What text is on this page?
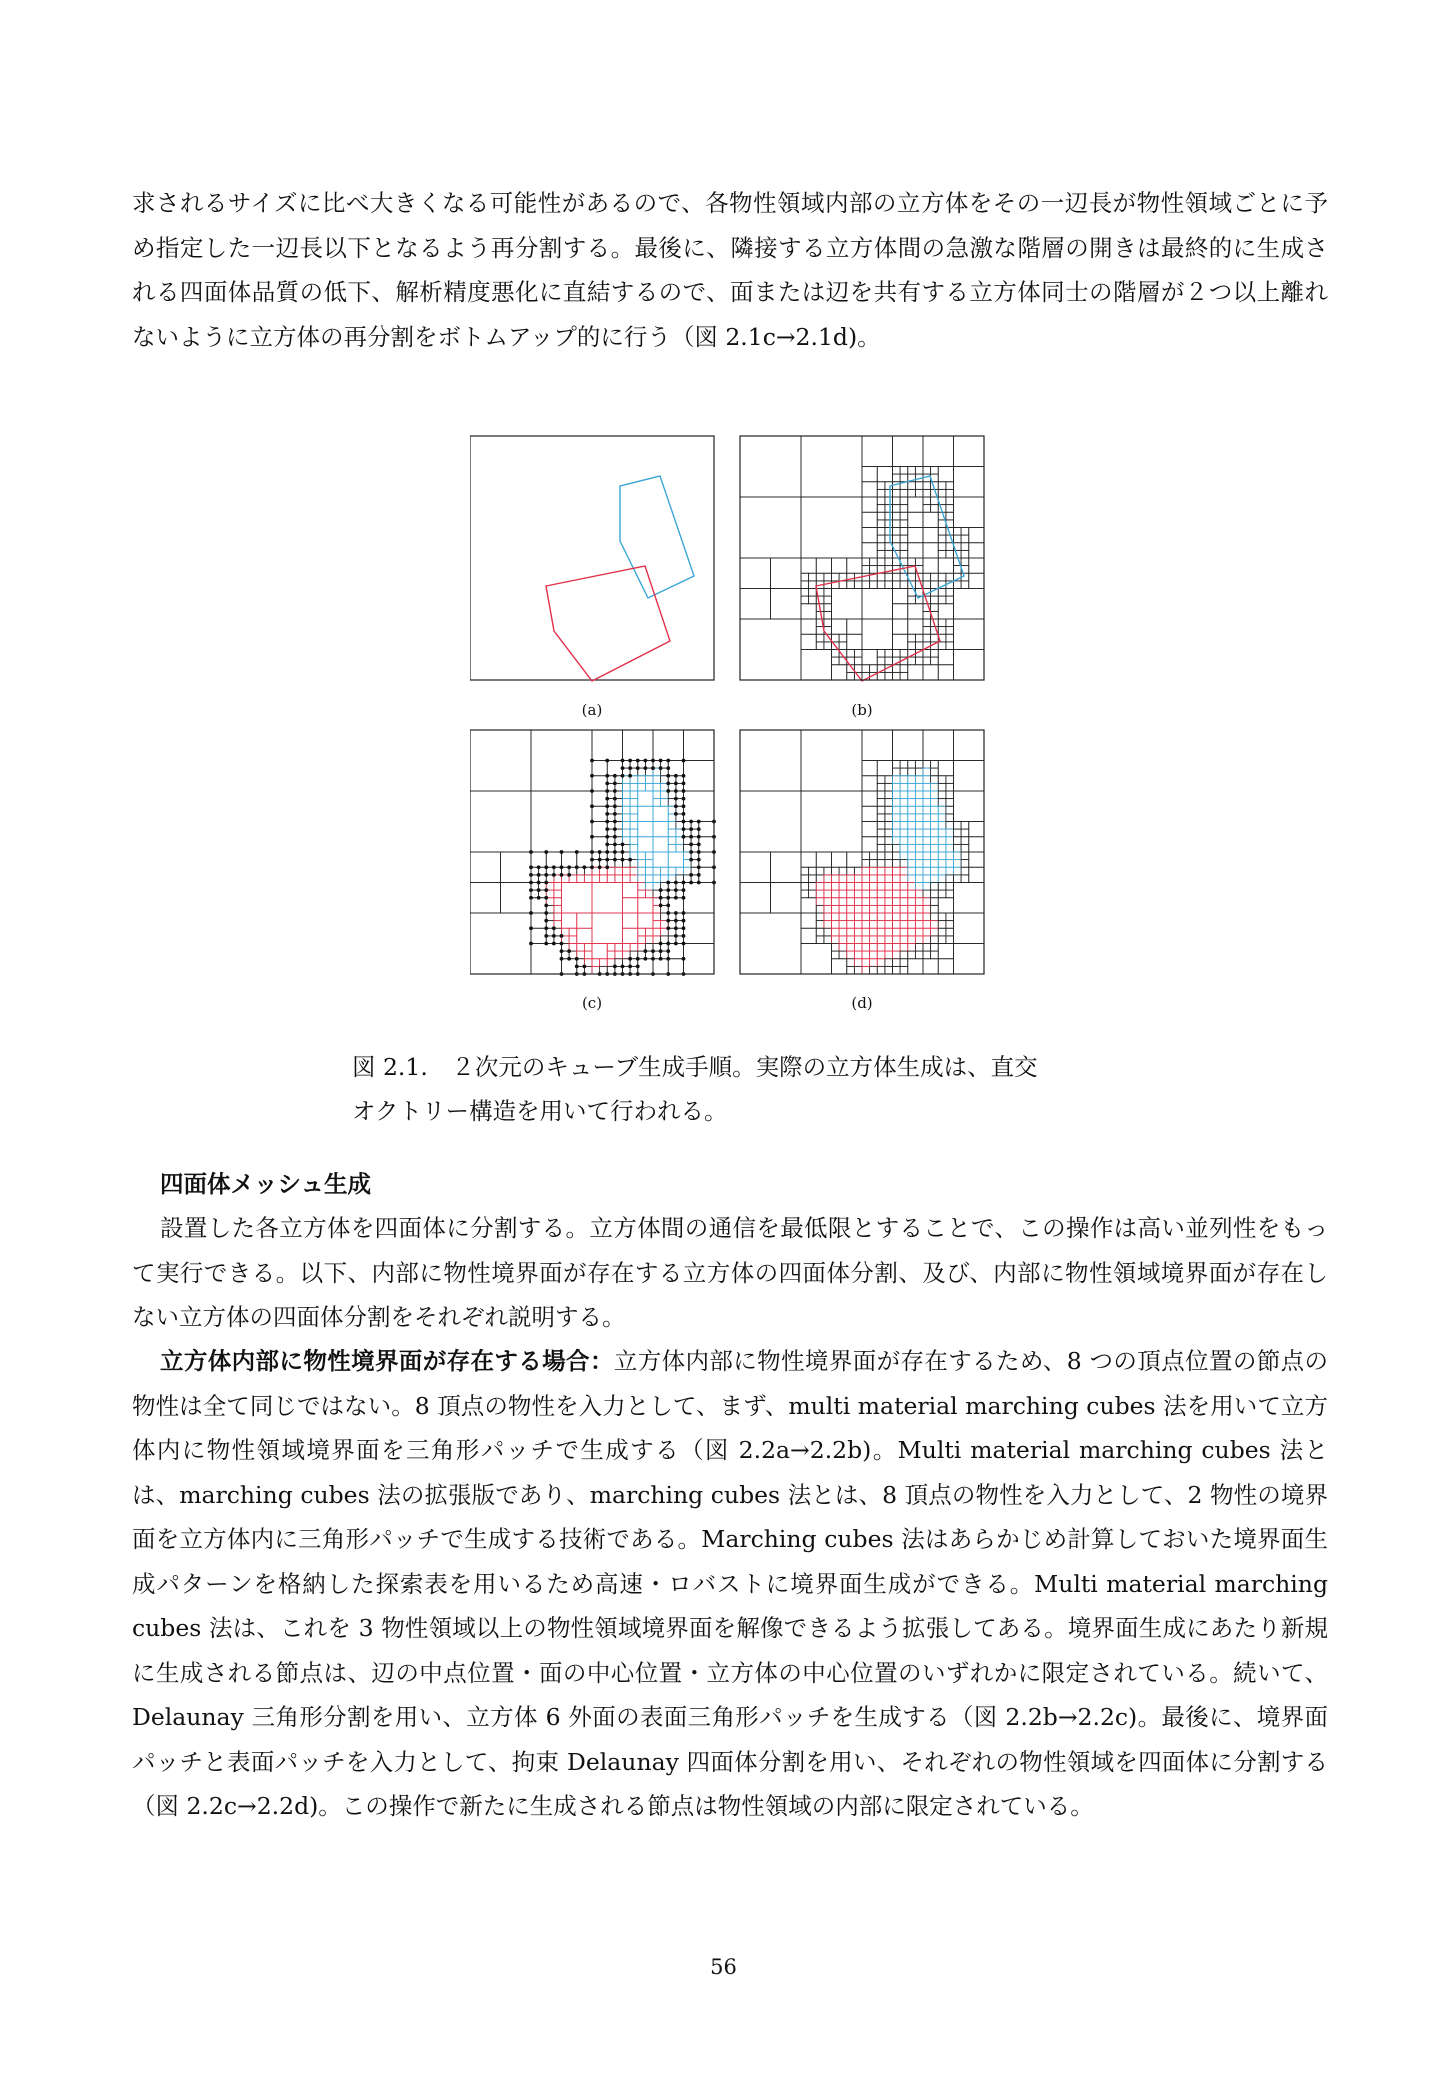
求されるサイズに比べ大きくなる可能性があるので、各物性領域内部の立方体をその一辺長が物性領域ごとに予め指定した一辺長以下となるよう再分割する。最後に、隣接する立方体間の急激な階層の開きは最終的に生成される四面体品質の低下、解析精度悪化に直結するので、面または辺を共有する立方体同士の階層が２つ以上離れないように立方体の再分割をボトムアップ的に行う（図 2.1c→2.1d)。

(a)	(b)
(c)	(d)
図 2.1.　２次元のキューブ生成手順。実際の立方体生成は、直交
オクトリー構造を用いて行われる。
四面体メッシュ生成

設置した各立方体を四面体に分割する。立方体間の通信を最低限とすることで、この操作は高い並列性をもって実行できる。以下、内部に物性境界面が存在する立方体の四面体分割、及び、内部に物性領域境界面が存在しない立方体の四面体分割をそれぞれ説明する。

立方体内部に物性境界面が存在する場合：立方体内部に物性境界面が存在するため、8 つの頂点位置の節点の物性は全て同じではない。8 頂点の物性を入力として、まず、multi material marching cubes 法を用いて立方体内に物性領域境界面を三角形パッチで生成する（図 2.2a→2.2b)。Multi material marching cubes 法とは、marching cubes 法の拡張版であり、marching cubes 法とは、8 頂点の物性を入力として、2 物性の境界面を立方体内に三角形パッチで生成する技術である。Marching cubes 法はあらかじめ計算しておいた境界面生成パターンを格納した探索表を用いるため高速・ロバストに境界面生成ができる。Multi material marching cubes 法は、これを 3 物性領域以上の物性領域境界面を解像できるよう拡張してある。境界面生成にあたり新規に生成される節点は、辺の中点位置・面の中心位置・立方体の中心位置のいずれかに限定されている。続いて、Delaunay 三角形分割を用い、立方体 6 外面の表面三角形パッチを生成する（図 2.2b→2.2c)。最後に、境界面パッチと表面パッチを入力として、拘束 Delaunay 四面体分割を用い、それぞれの物性領域を四面体に分割する（図 2.2c→2.2d)。この操作で新たに生成される節点は物性領域の内部に限定されている。

56
